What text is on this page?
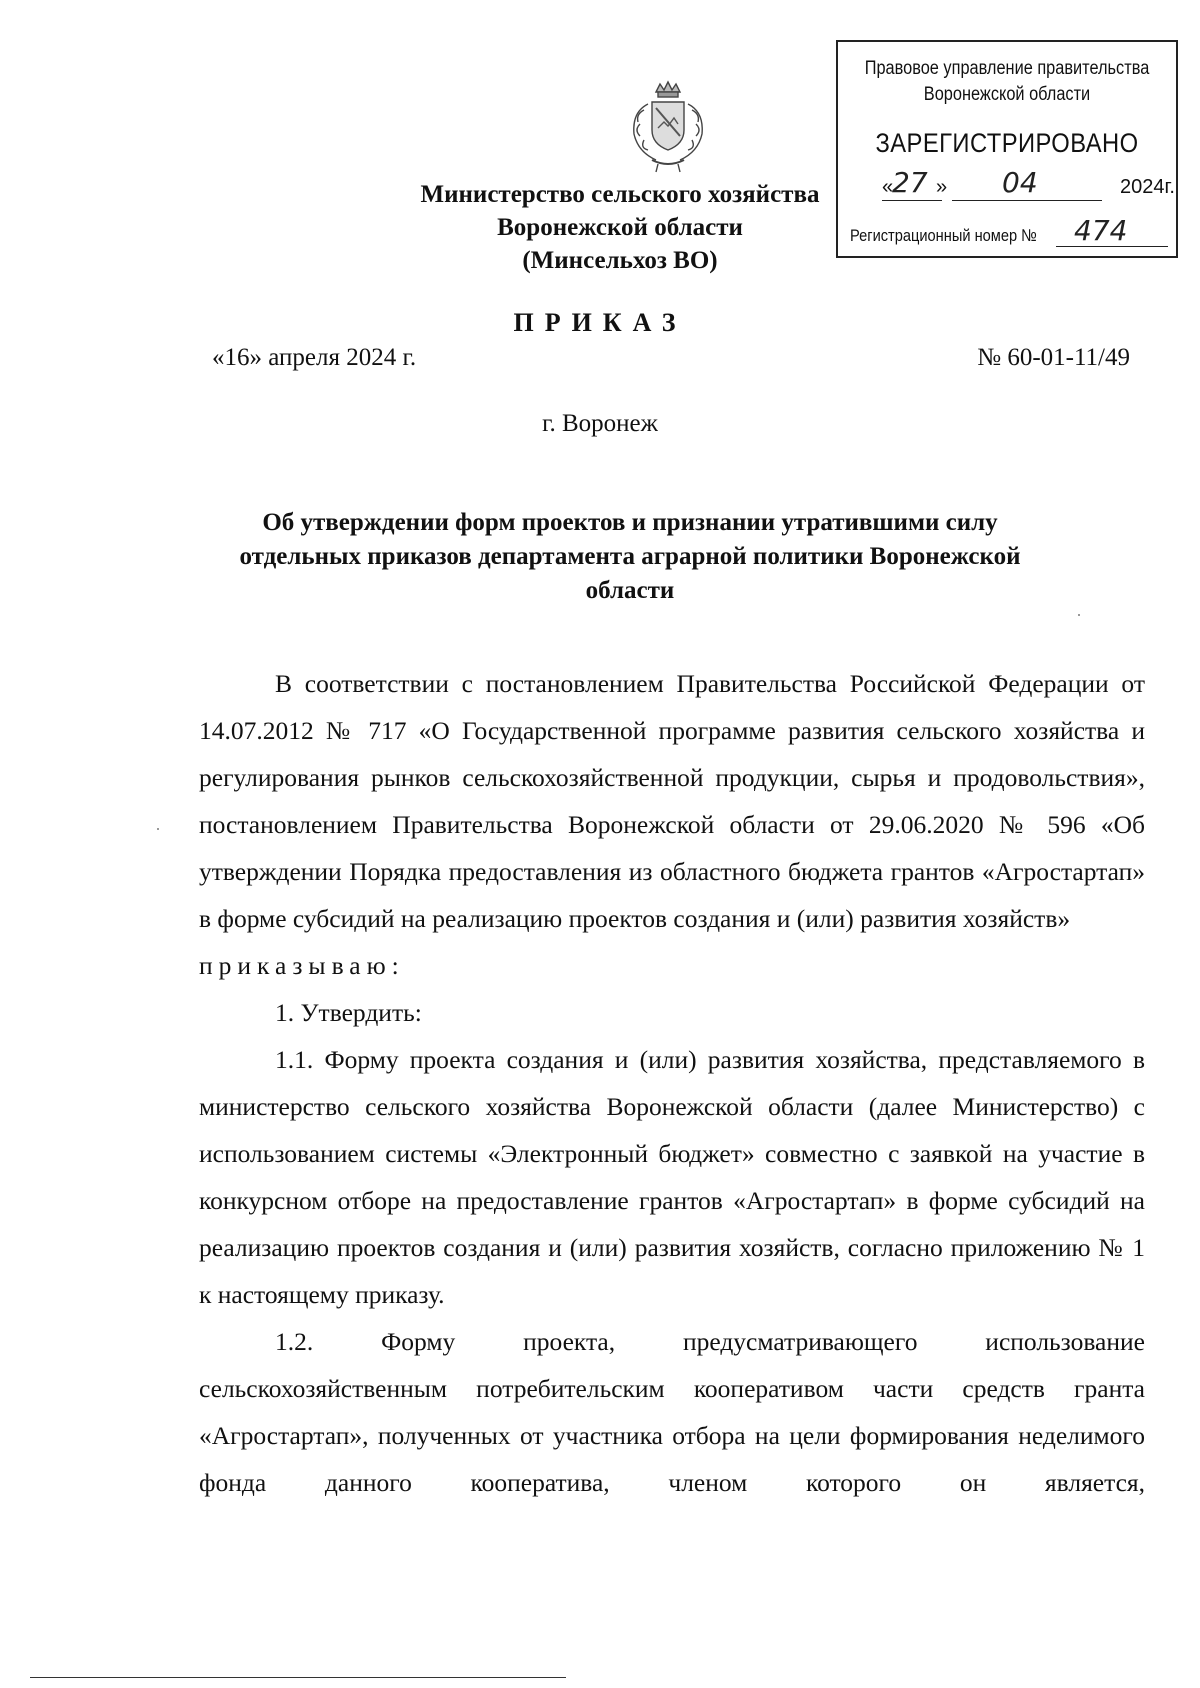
Министерство сельского хозяйства
Воронежской области
(Минсельхоз ВО)
Правовое управление правительства
Воронежской области
ЗАРЕГИСТРИРОВАНО
«
27 » 04	2024г.
Регистрационный номер № 474
ПРИКАЗ
«16» апреля 2024 г.	№ 60-01-11/49
г. Воронеж
Об утверждении форм проектов и признании утратившими силу
отдельных приказов департамента аграрной политики Воронежской
области

В соответствии с постановлением Правительства Российской Федерации от 14.07.2012 № 717 «О Государственной программе развития сельского хозяйства и регулирования рынков сельскохозяйственной продукции, сырья и продовольствия», постановлением Правительства Воронежской области от 29.06.2020 № 596 «Об утверждении Порядка предоставления из областного бюджета грантов «Агростартап» в форме субсидий на реализацию проектов создания и (или) развития хозяйств»

приказываю:

1. Утвердить:

1.1. Форму проекта создания и (или) развития хозяйства, представляемого в министерство сельского хозяйства Воронежской области (далее Министерство) с использованием системы «Электронный бюджет» совместно с заявкой на участие в конкурсном отборе на предоставление грантов «Агростартап» в форме субсидий на реализацию проектов создания и (или) развития хозяйств, согласно приложению № 1 к настоящему приказу.

1.2. Форму проекта, предусматривающего использование сельскохозяйственным потребительским кооперативом части средств гранта «Агростартап», полученных от участника отбора на цели формирования неделимого фонда данного кооператива, членом которого он является,
